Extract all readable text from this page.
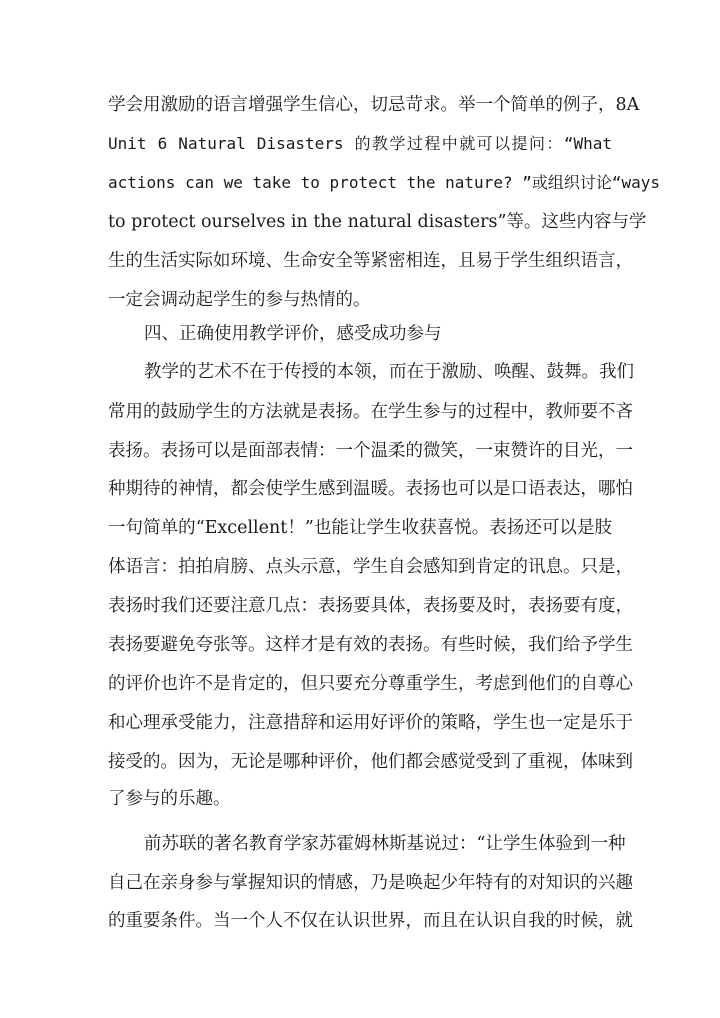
学会用激励的语言增强学生信心，切忌苛求。举一个简单的例子，8A
Unit 6 Natural Disasters 的教学过程中就可以提问：“What
actions can we take to protect the nature? ”或组织讨论“ways
to protect ourselves in the natural disasters”等。这些内容与学
生的生活实际如环境、生命安全等紧密相连，且易于学生组织语言，
一定会调动起学生的参与热情的。
四、正确使用教学评价，感受成功参与
教学的艺术不在于传授的本领，而在于激励、唤醒、鼓舞。我们
常用的鼓励学生的方法就是表扬。在学生参与的过程中，教师要不吝
表扬。表扬可以是面部表情：一个温柔的微笑，一束赞许的目光，一
种期待的神情，都会使学生感到温暖。表扬也可以是口语表达，哪怕
一句简单的“Excellent！”也能让学生收获喜悦。表扬还可以是肢
体语言：拍拍肩膀、点头示意，学生自会感知到肯定的讯息。只是，
表扬时我们还要注意几点：表扬要具体，表扬要及时，表扬要有度，
表扬要避免夸张等。这样才是有效的表扬。有些时候，我们给予学生
的评价也许不是肯定的，但只要充分尊重学生，考虑到他们的自尊心
和心理承受能力，注意措辞和运用好评价的策略，学生也一定是乐于
接受的。因为，无论是哪种评价，他们都会感觉受到了重视，体味到
了参与的乐趣。
前苏联的著名教育学家苏霍姆林斯基说过：“让学生体验到一种
自己在亲身参与掌握知识的情感，乃是唤起少年特有的对知识的兴趣
的重要条件。当一个人不仅在认识世界，而且在认识自我的时候，就
